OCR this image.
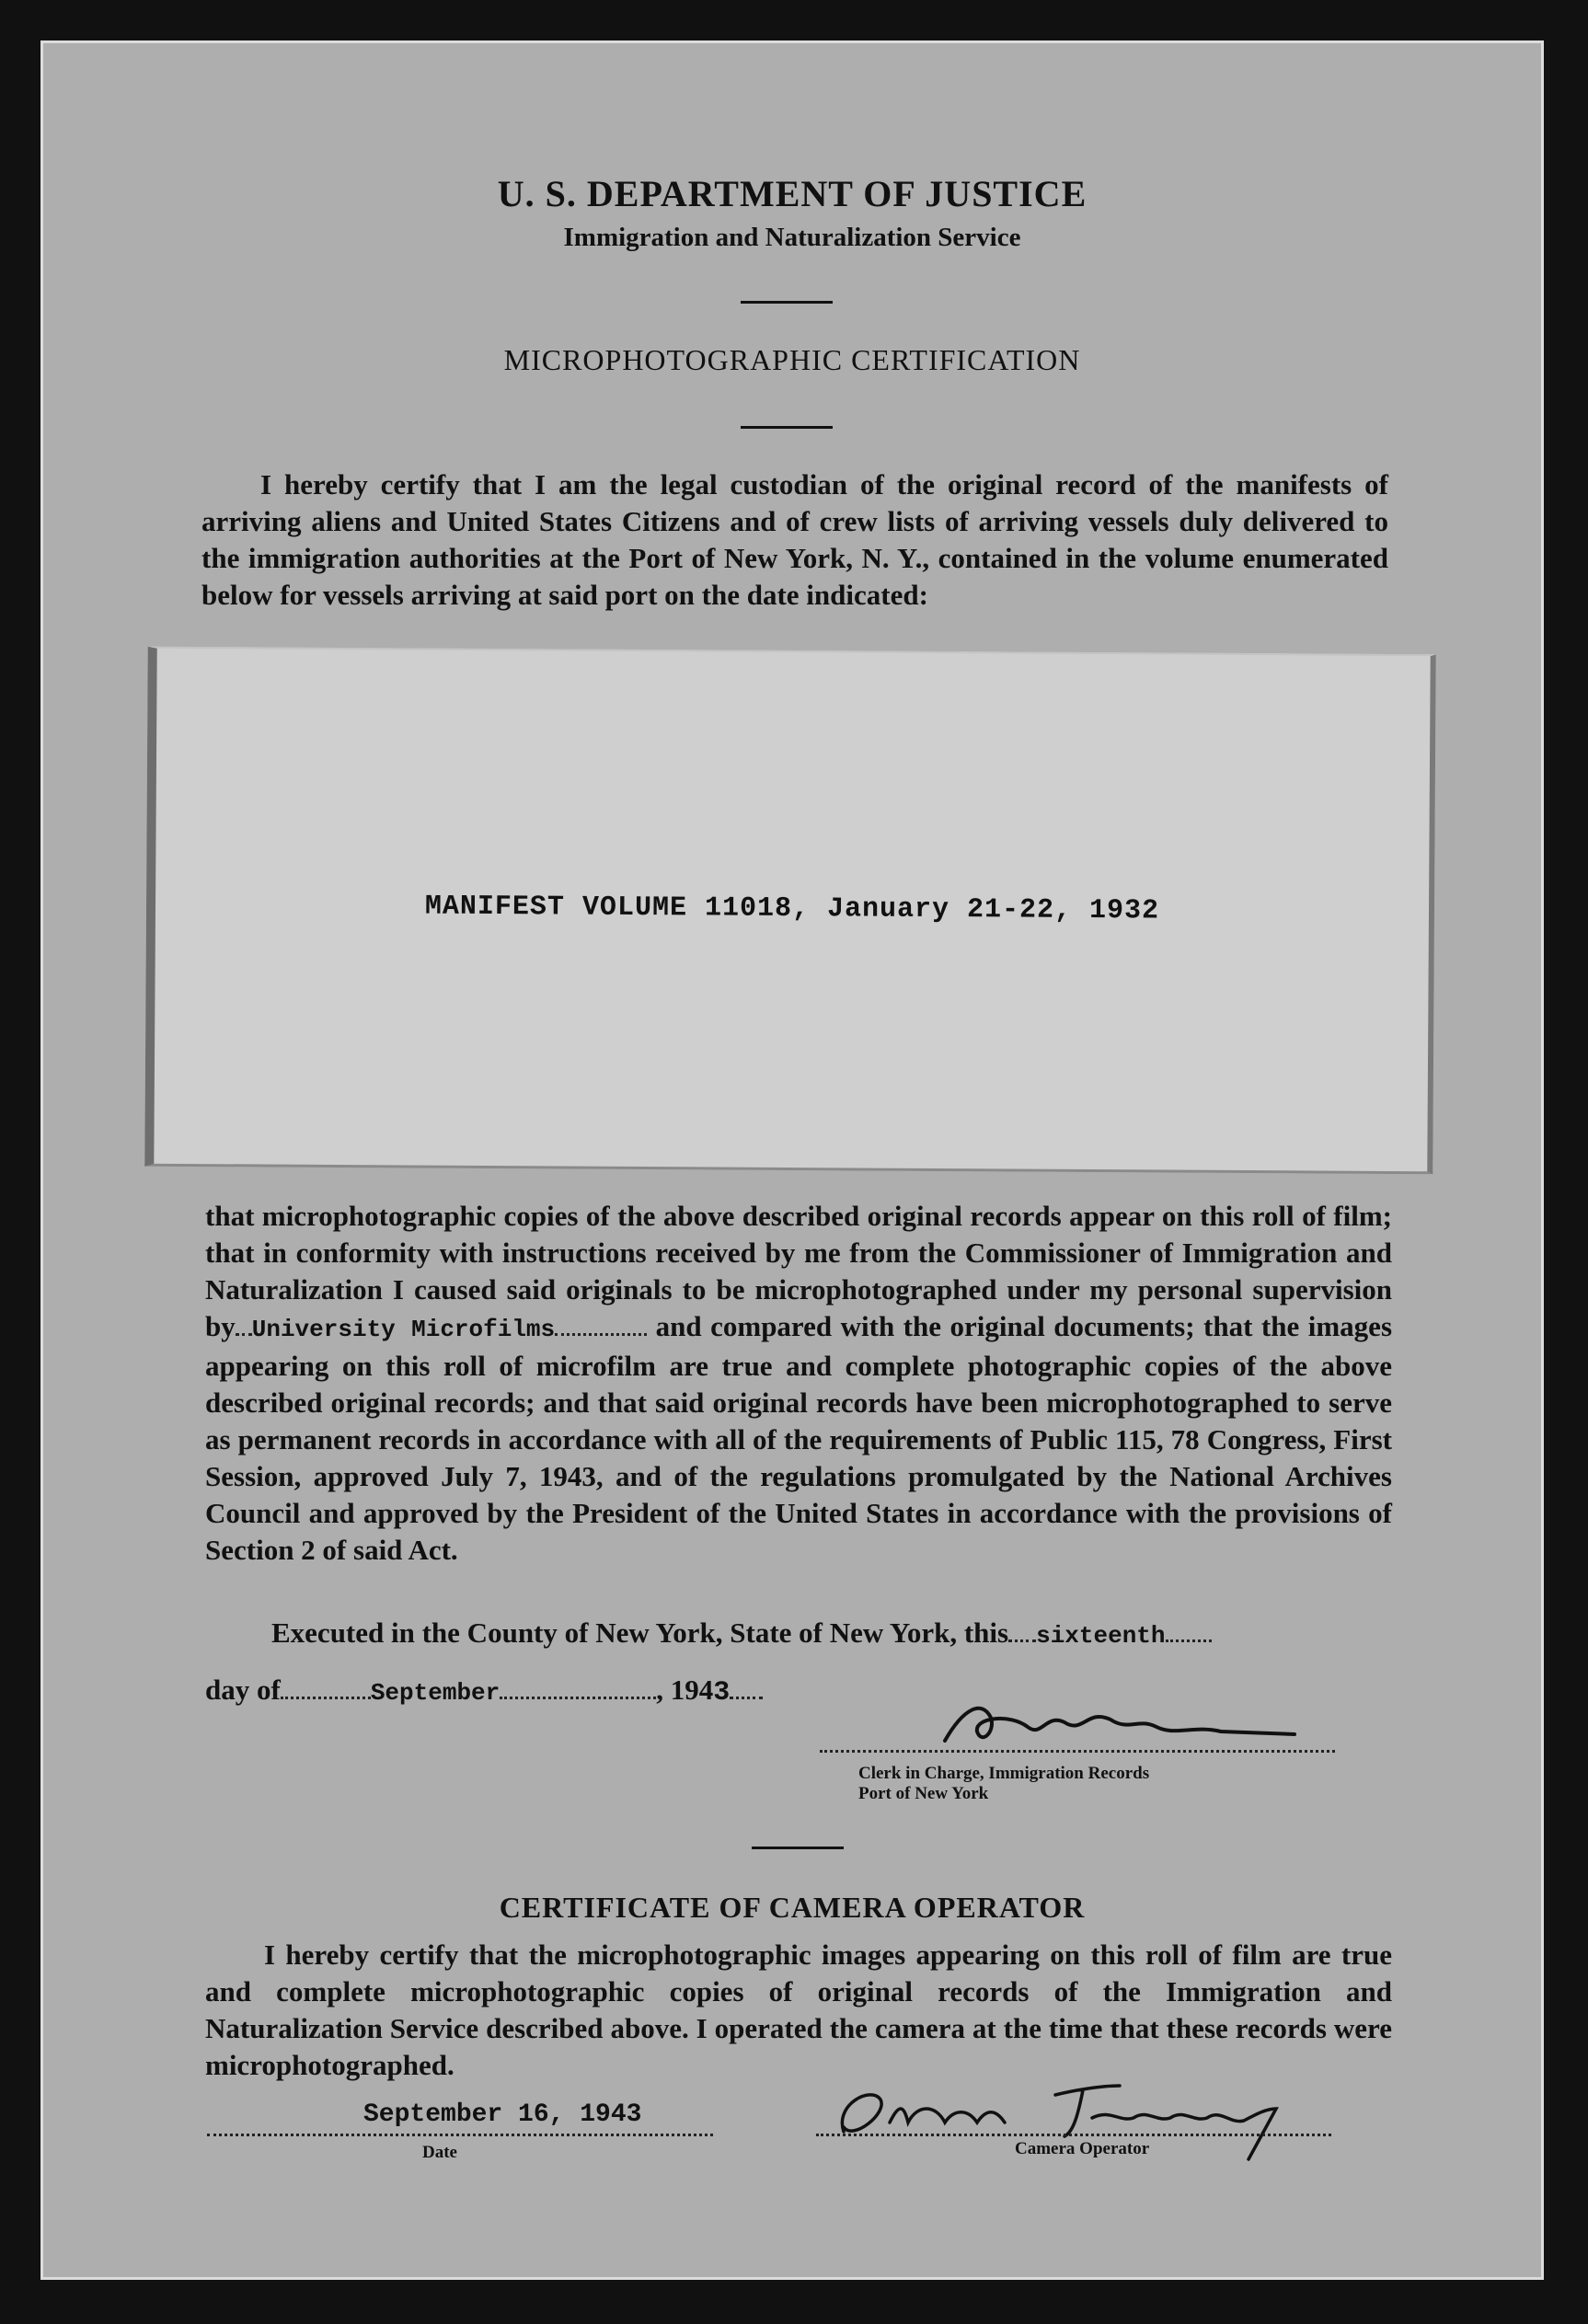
U. S. DEPARTMENT OF JUSTICE
Immigration and Naturalization Service
MICROPHOTOGRAPHIC CERTIFICATION
I hereby certify that I am the legal custodian of the original record of the manifests of arriving aliens and United States Citizens and of crew lists of arriving vessels duly delivered to the immigration authorities at the Port of New York, N. Y., contained in the volume enumerated below for vessels arriving at said port on the date indicated:
MANIFEST VOLUME 11018, January 21-22, 1932

that microphotographic copies of the above described original records appear on this roll of film; that in conformity with instructions received by me from the Commissioner of Immigration and Naturalization I caused said originals to be microphotographed under my personal supervision by University Microfilms	and compared with the original documents; that the images appearing on this roll of microfilm are true and complete photographic copies of the above described original records; and that said original records have been microphotographed to serve as permanent records in accordance with all of the requirements of Public 115, 78 Congress, First Session, approved July 7, 1943, and of the regulations promulgated by the National Archives Council and approved by the President of the United States in accordance with the provisions of Section 2 of said Act.

Executed in the County of New York, State of New York, this sixteenth
day of	September	, 1943
Clerk in Charge, Immigration Records
Port of New York
CERTIFICATE OF CAMERA OPERATOR
I hereby certify that the microphotographic images appearing on this roll of film are true and complete microphotographic copies of original records of the Immigration and Naturalization Service described above. I operated the camera at the time that these records were microphotographed.
September 16, 1943
Date	Camera Operator
